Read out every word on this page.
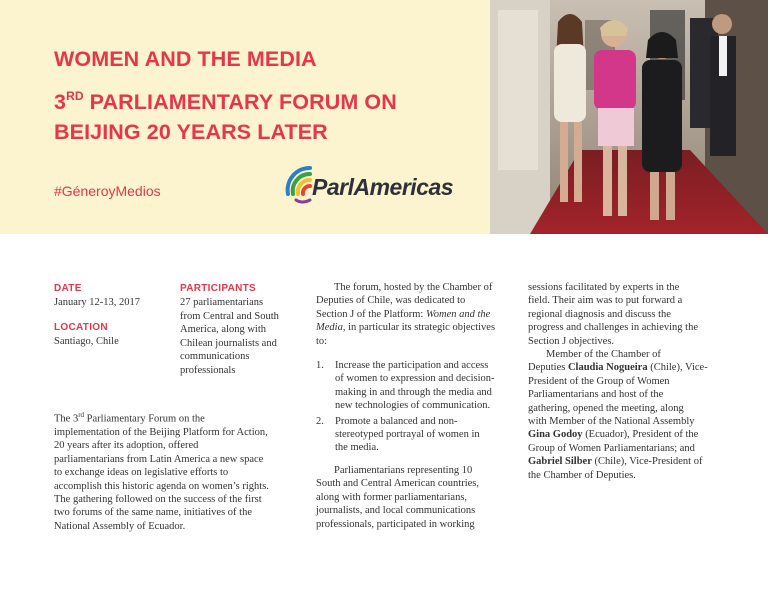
WOMEN AND THE MEDIA
3RD PARLIAMENTARY FORUM ON
BEIJING 20 YEARS LATER
#GéneroyMedios	ParlAmericas
DATE
January 12-13, 2017
LOCATION
Santiago, Chile
PARTICIPANTS
27 parliamentarians
from Central and South
America, along with
Chilean journalists and
communications
professionals
The 3rd Parliamentary Forum on the
implementation of the Beijing Platform for Action,
20 years after its adoption, offered
parliamentarians from Latin America a new space
to exchange ideas on legislative efforts to
accomplish this historic agenda on women’s rights.
The gathering followed on the success of the first
two forums of the same name, initiatives of the
National Assembly of Ecuador.
The forum, hosted by the Chamber of
Deputies of Chile, was dedicated to
Section J of the Platform: Women and the
Media, in particular its strategic objectives
to:
1. Increase the participation and access
of women to expression and decision-
making in and through the media and
new technologies of communication.
2. Promote a balanced and non-
stereotyped portrayal of women in
the media.
Parliamentarians representing 10
South and Central American countries,
along with former parliamentarians,
journalists, and local communications
professionals, participated in working
sessions facilitated by experts in the
field. Their aim was to put forward a
regional diagnosis and discuss the
progress and challenges in achieving the
Section J objectives.
Member of the Chamber of
Deputies Claudia Nogueira (Chile), Vice-
President of the Group of Women
Parliamentarians and host of the
gathering, opened the meeting, along
with Member of the National Assembly
Gina Godoy (Ecuador), President of the
Group of Women Parliamentarians; and
Gabriel Silber (Chile), Vice-President of
the Chamber of Deputies.
